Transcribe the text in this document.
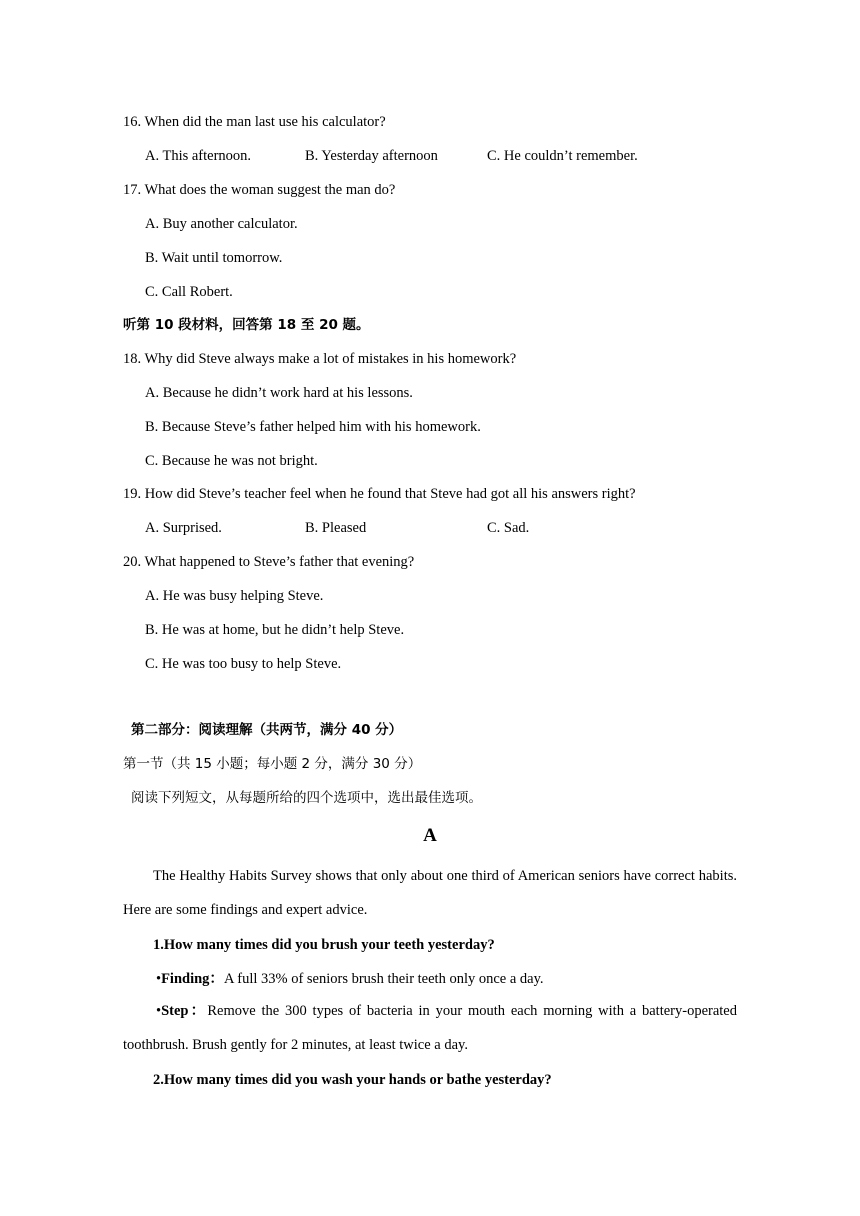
16. When did the man last use his calculator?
A. This afternoon.	B. Yesterday afternoon	C. He couldn’t remember.
17. What does the woman suggest the man do?
A. Buy another calculator.
B. Wait until tomorrow.
C. Call Robert.
听第 10 段材料，回答第 18 至 20 题。
18. Why did Steve always make a lot of mistakes in his homework?
A. Because he didn’t work hard at his lessons.
B. Because Steve’s father helped him with his homework.
C. Because he was not bright.
19. How did Steve’s teacher feel when he found that Steve had got all his answers right?
A. Surprised.	B. Pleased	C. Sad.
20. What happened to Steve’s father that evening?
A. He was busy helping Steve.
B. He was at home, but he didn’t help Steve.
C. He was too busy to help Steve.
第二部分：阅读理解（共两节，满分 40 分）
第一节（共 15 小题；每小题 2 分，满分 30 分）
阅读下列短文，从每题所给的四个选项中，选出最佳选项。
A
The Healthy Habits Survey shows that only about one third of American seniors have correct habits. Here are some findings and expert advice.
1.How many times did you brush your teeth yesterday?
•Finding：A full 33% of seniors brush their teeth only once a day.
•Step：Remove the 300 types of bacteria in your mouth each morning with a battery-operated toothbrush. Brush gently for 2 minutes, at least twice a day.
2.How many times did you wash your hands or bathe yesterday?
